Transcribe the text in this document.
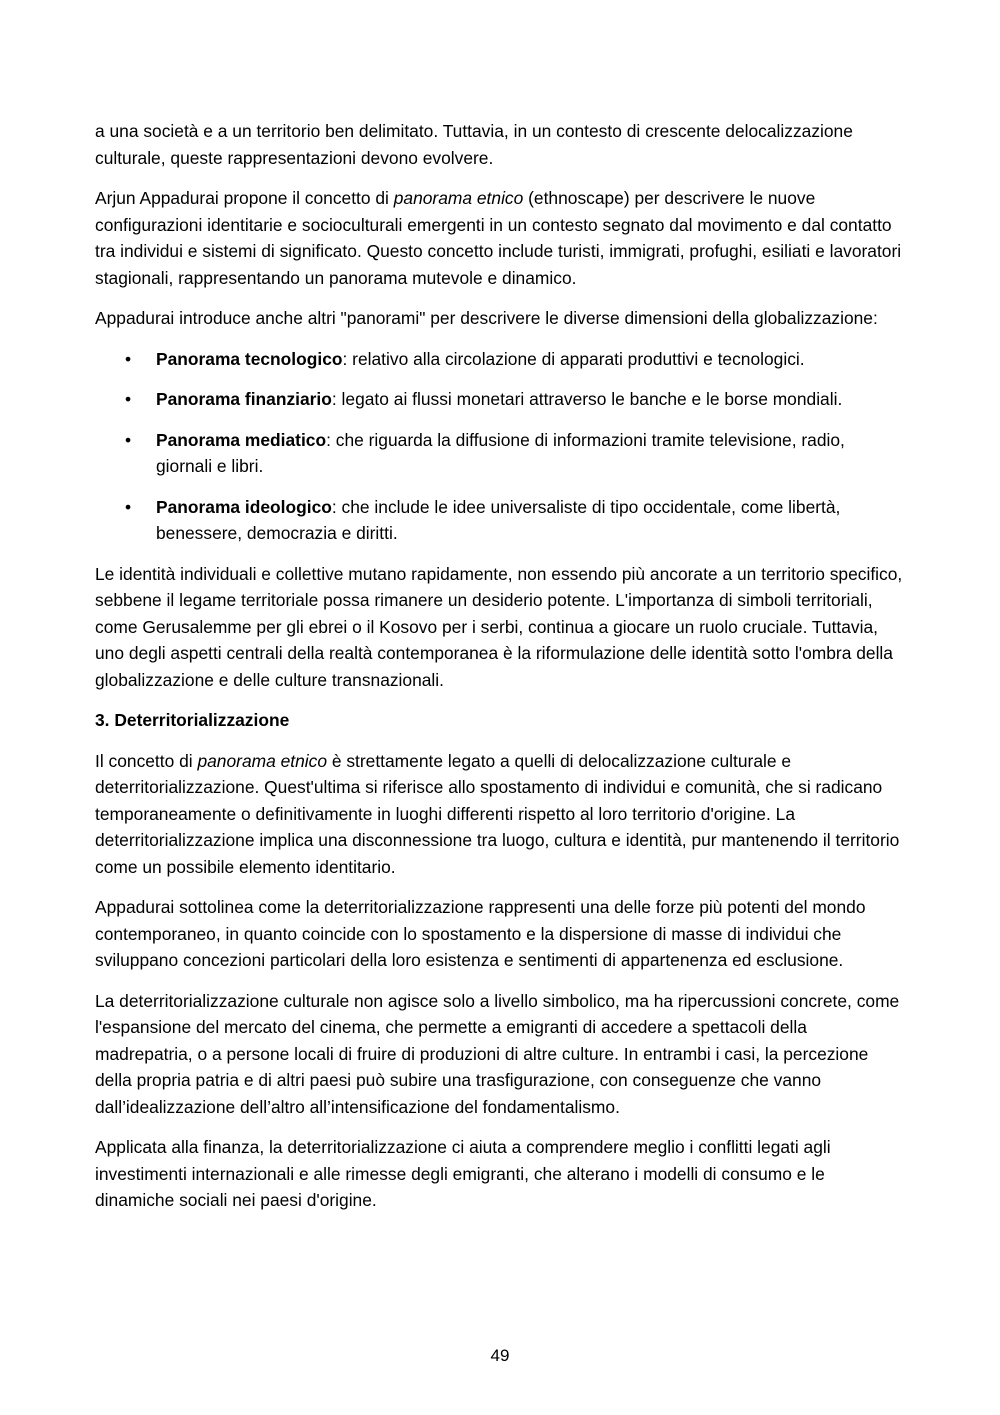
a una società e a un territorio ben delimitato. Tuttavia, in un contesto di crescente delocalizzazione culturale, queste rappresentazioni devono evolvere.

Arjun Appadurai propone il concetto di panorama etnico (ethnoscape) per descrivere le nuove configurazioni identitarie e socioculturali emergenti in un contesto segnato dal movimento e dal contatto tra individui e sistemi di significato. Questo concetto include turisti, immigrati, profughi, esiliati e lavoratori stagionali, rappresentando un panorama mutevole e dinamico.

Appadurai introduce anche altri "panorami" per descrivere le diverse dimensioni della globalizzazione:

• Panorama tecnologico: relativo alla circolazione di apparati produttivi e tecnologici.
• Panorama finanziario: legato ai flussi monetari attraverso le banche e le borse mondiali.
• Panorama mediatico: che riguarda la diffusione di informazioni tramite televisione, radio, giornali e libri.
• Panorama ideologico: che include le idee universaliste di tipo occidentale, come libertà, benessere, democrazia e diritti.

Le identità individuali e collettive mutano rapidamente, non essendo più ancorate a un territorio specifico, sebbene il legame territoriale possa rimanere un desiderio potente. L'importanza di simboli territoriali, come Gerusalemme per gli ebrei o il Kosovo per i serbi, continua a giocare un ruolo cruciale. Tuttavia, uno degli aspetti centrali della realtà contemporanea è la riformulazione delle identità sotto l'ombra della globalizzazione e delle culture transnazionali.

3. Deterritorializzazione

Il concetto di panorama etnico è strettamente legato a quelli di delocalizzazione culturale e deterritorializzazione. Quest'ultima si riferisce allo spostamento di individui e comunità, che si radicano temporaneamente o definitivamente in luoghi differenti rispetto al loro territorio d'origine. La deterritorializzazione implica una disconnessione tra luogo, cultura e identità, pur mantenendo il territorio come un possibile elemento identitario.

Appadurai sottolinea come la deterritorializzazione rappresenti una delle forze più potenti del mondo contemporaneo, in quanto coincide con lo spostamento e la dispersione di masse di individui che sviluppano concezioni particolari della loro esistenza e sentimenti di appartenenza ed esclusione.

La deterritorializzazione culturale non agisce solo a livello simbolico, ma ha ripercussioni concrete, come l'espansione del mercato del cinema, che permette a emigranti di accedere a spettacoli della madrepatria, o a persone locali di fruire di produzioni di altre culture. In entrambi i casi, la percezione della propria patria e di altri paesi può subire una trasfigurazione, con conseguenze che vanno dall’idealizzazione dell’altro all’intensificazione del fondamentalismo.

Applicata alla finanza, la deterritorializzazione ci aiuta a comprendere meglio i conflitti legati agli investimenti internazionali e alle rimesse degli emigranti, che alterano i modelli di consumo e le dinamiche sociali nei paesi d'origine.

49
